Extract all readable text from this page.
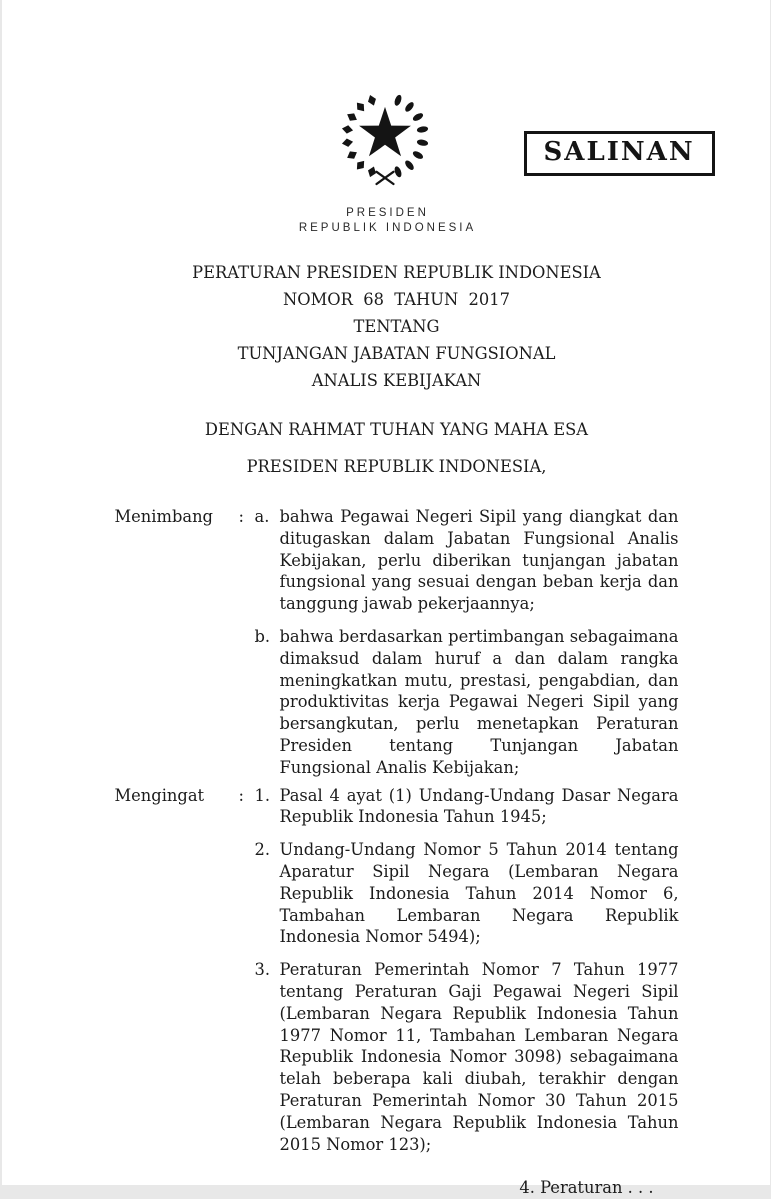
SALINAN
PRESIDEN
REPUBLIK INDONESIA
PERATURAN PRESIDEN REPUBLIK INDONESIA
NOMOR  68  TAHUN  2017
TENTANG
TUNJANGAN JABATAN FUNGSIONAL
ANALIS KEBIJAKAN
DENGAN RAHMAT TUHAN YANG MAHA ESA
PRESIDEN REPUBLIK INDONESIA,
Menimbang	: a. bahwa Pegawai Negeri Sipil yang diangkat dan ditugaskan dalam Jabatan Fungsional Analis Kebijakan, perlu diberikan tunjangan jabatan fungsional yang sesuai dengan beban kerja dan tanggung jawab pekerjaannya;
b. bahwa berdasarkan pertimbangan sebagaimana dimaksud dalam huruf a dan dalam rangka meningkatkan mutu, prestasi, pengabdian, dan produktivitas kerja Pegawai Negeri Sipil yang bersangkutan, perlu menetapkan Peraturan Presiden tentang Tunjangan Jabatan Fungsional Analis Kebijakan;
Mengingat	: 1. Pasal 4 ayat (1) Undang-Undang Dasar Negara Republik Indonesia Tahun 1945;
2. Undang-Undang Nomor 5 Tahun 2014 tentang Aparatur Sipil Negara (Lembaran Negara Republik Indonesia Tahun 2014 Nomor 6, Tambahan Lembaran Negara Republik Indonesia Nomor 5494);
3. Peraturan Pemerintah Nomor 7 Tahun 1977 tentang Peraturan Gaji Pegawai Negeri Sipil (Lembaran Negara Republik Indonesia Tahun 1977 Nomor 11, Tambahan Lembaran Negara Republik Indonesia Nomor 3098) sebagaimana telah beberapa kali diubah, terakhir dengan Peraturan Pemerintah Nomor 30 Tahun 2015 (Lembaran Negara Republik Indonesia Tahun 2015 Nomor 123);
4. Peraturan . . .
